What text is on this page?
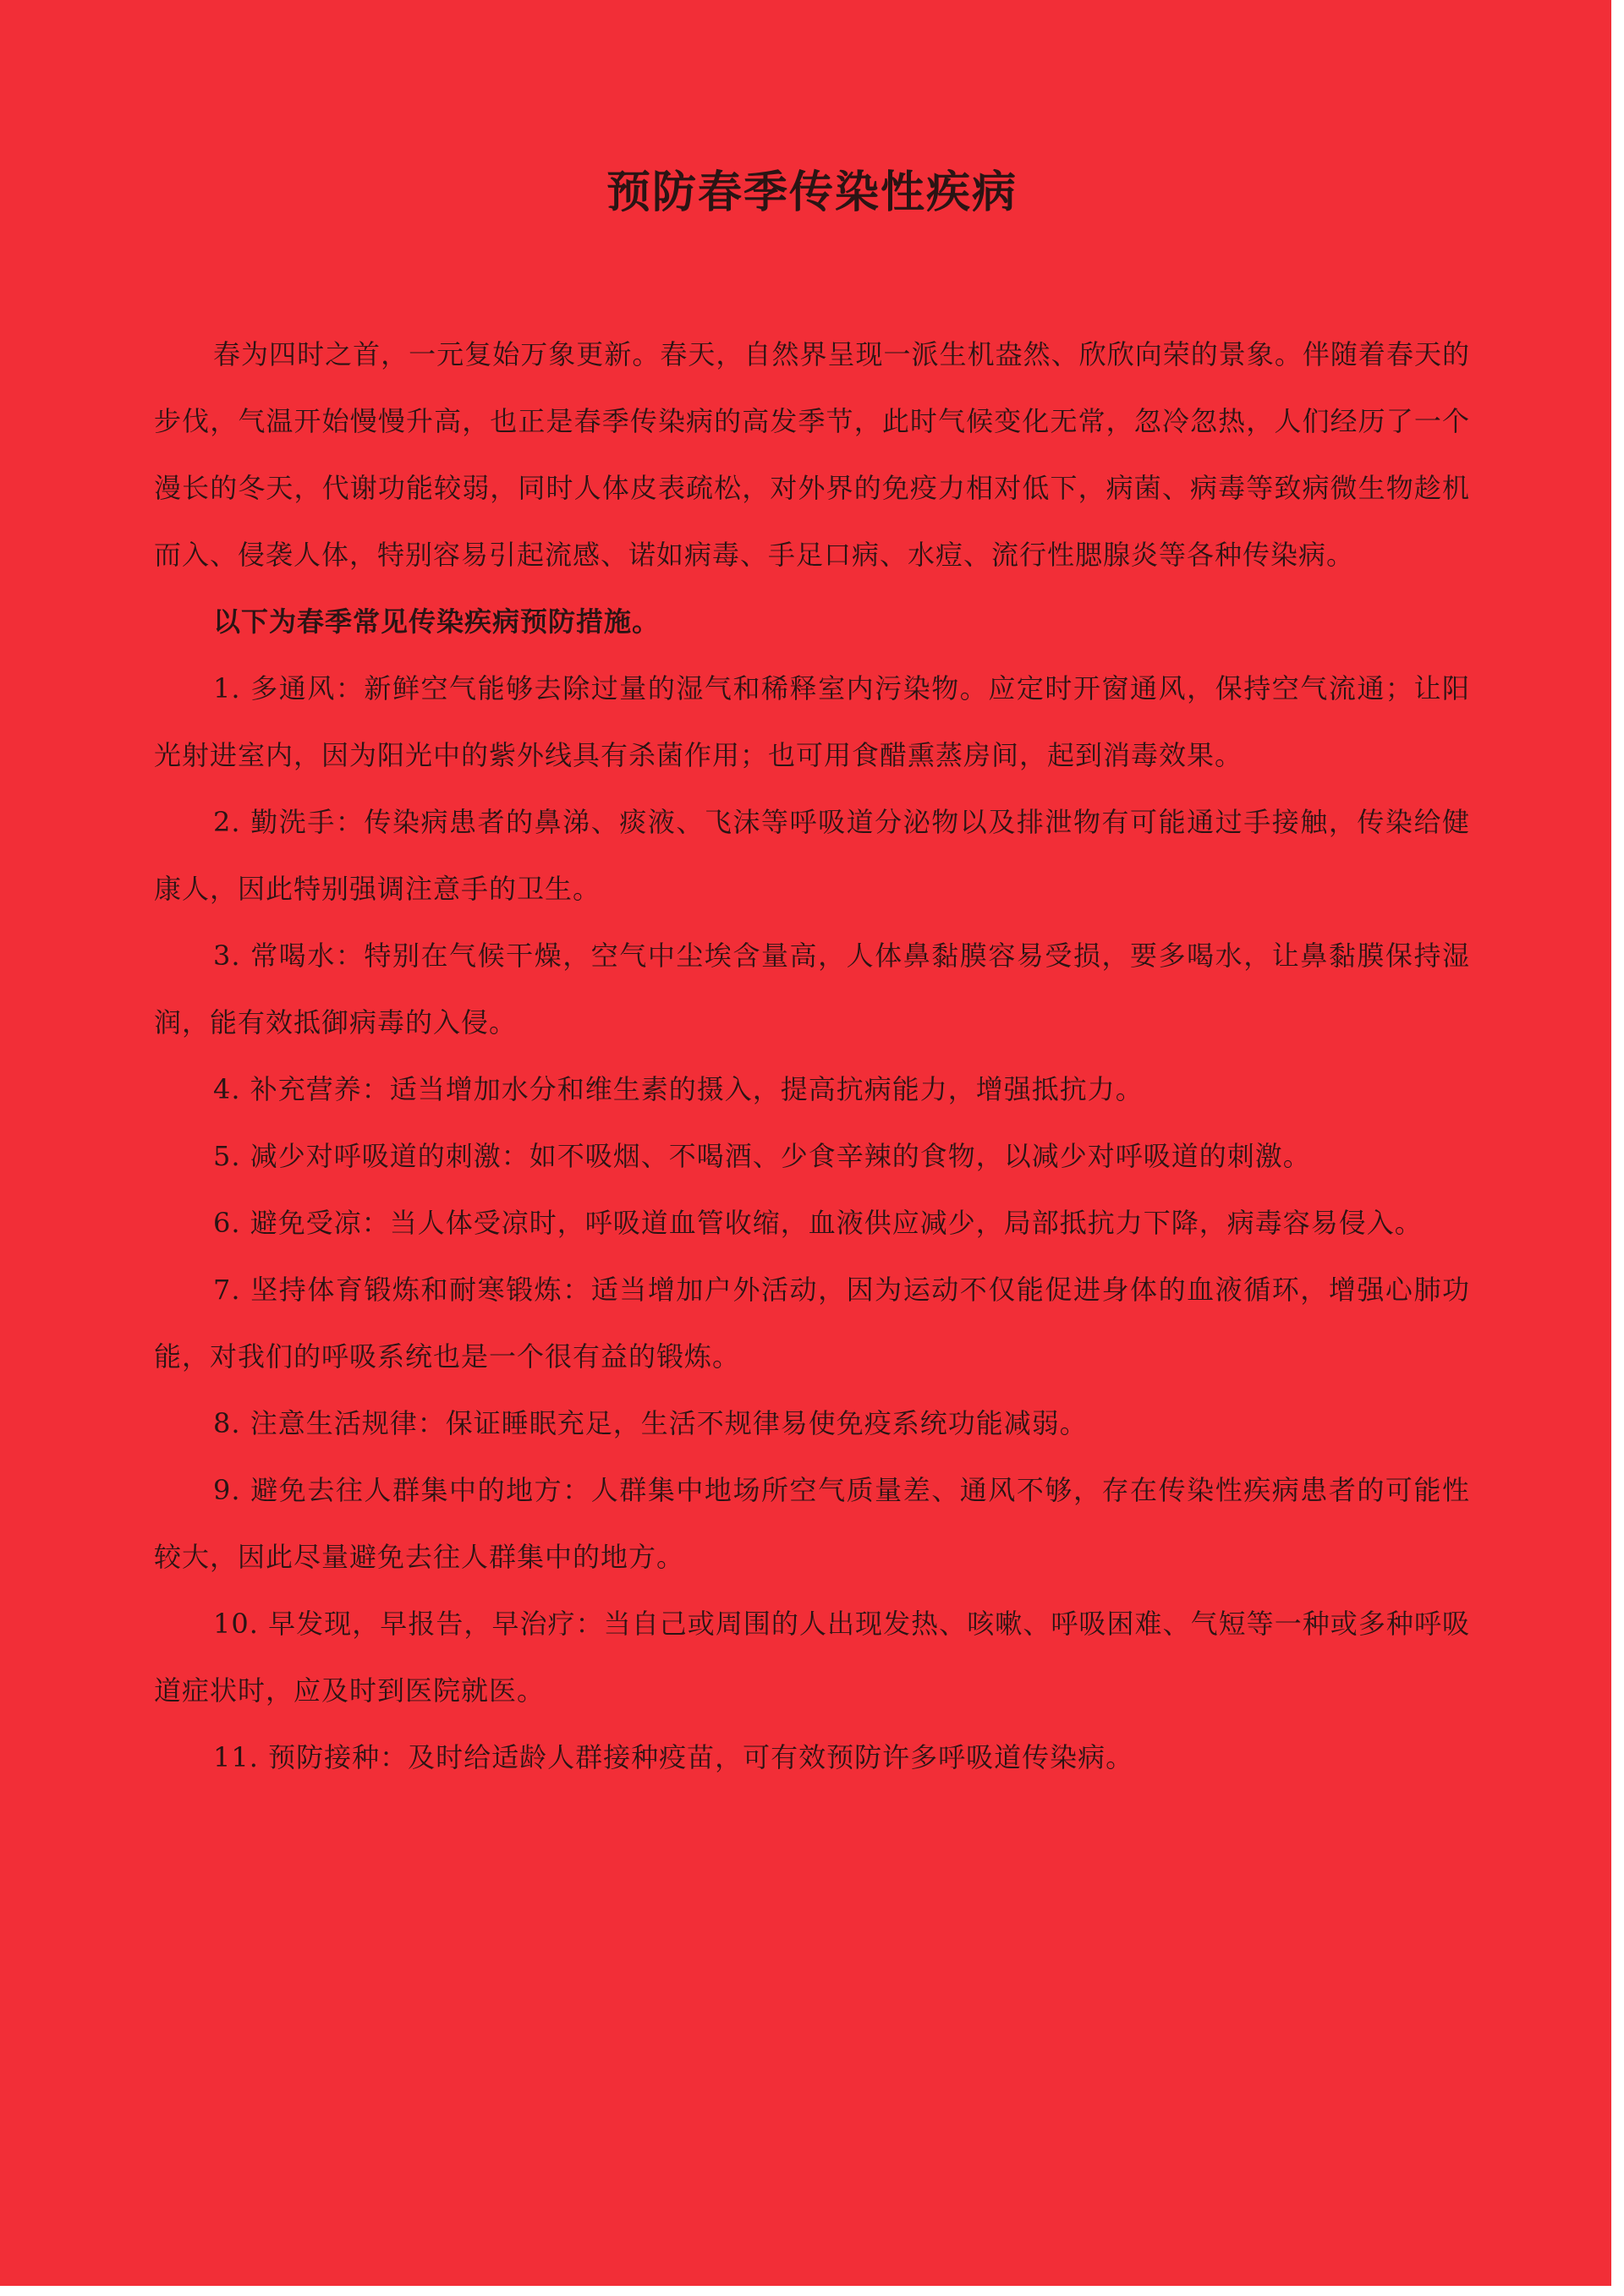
预防春季传染性疾病

春为四时之首，一元复始万象更新。春天，自然界呈现一派生机盎然、欣欣向荣的景象。伴随着春天的步伐，气温开始慢慢升高，也正是春季传染病的高发季节，此时气候变化无常，忽冷忽热，人们经历了一个漫长的冬天，代谢功能较弱，同时人体皮表疏松，对外界的免疫力相对低下，病菌、病毒等致病微生物趁机而入、侵袭人体，特别容易引起流感、诺如病毒、手足口病、水痘、流行性腮腺炎等各种传染病。

以下为春季常见传染疾病预防措施。

1. 多通风：新鲜空气能够去除过量的湿气和稀释室内污染物。应定时开窗通风，保持空气流通；让阳光射进室内，因为阳光中的紫外线具有杀菌作用；也可用食醋熏蒸房间，起到消毒效果。

2. 勤洗手：传染病患者的鼻涕、痰液、飞沫等呼吸道分泌物以及排泄物有可能通过手接触，传染给健康人，因此特别强调注意手的卫生。

3. 常喝水：特别在气候干燥，空气中尘埃含量高，人体鼻黏膜容易受损，要多喝水，让鼻黏膜保持湿润，能有效抵御病毒的入侵。

4. 补充营养：适当增加水分和维生素的摄入，提高抗病能力，增强抵抗力。

5. 减少对呼吸道的刺激：如不吸烟、不喝酒、少食辛辣的食物，以减少对呼吸道的刺激。

6. 避免受凉：当人体受凉时，呼吸道血管收缩，血液供应减少，局部抵抗力下降，病毒容易侵入。

7. 坚持体育锻炼和耐寒锻炼：适当增加户外活动，因为运动不仅能促进身体的血液循环，增强心肺功能，对我们的呼吸系统也是一个很有益的锻炼。

8. 注意生活规律：保证睡眠充足，生活不规律易使免疫系统功能减弱。

9. 避免去往人群集中的地方：人群集中地场所空气质量差、通风不够，存在传染性疾病患者的可能性较大，因此尽量避免去往人群集中的地方。

10. 早发现，早报告，早治疗：当自己或周围的人出现发热、咳嗽、呼吸困难、气短等一种或多种呼吸道症状时，应及时到医院就医。

11. 预防接种：及时给适龄人群接种疫苗，可有效预防许多呼吸道传染病。
